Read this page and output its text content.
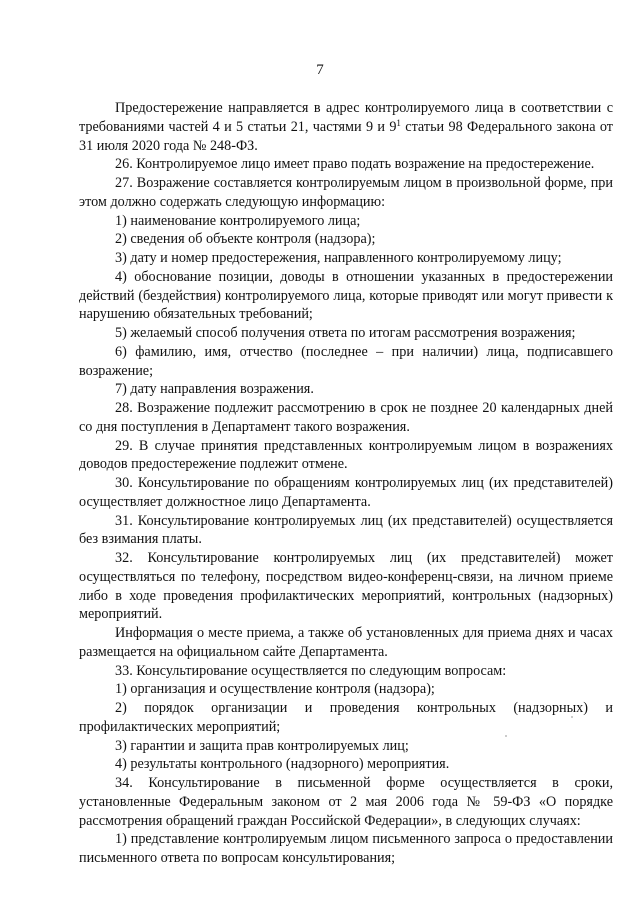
7

Предостережение направляется в адрес контролируемого лица в соответствии с требованиями частей 4 и 5 статьи 21, частями 9 и $9^1$ статьи 98 Федерального закона от 31 июля 2020 года № 248-ФЗ.

26. Контролируемое лицо имеет право подать возражение на предостережение.

27. Возражение составляется контролируемым лицом в произвольной форме, при этом должно содержать следующую информацию:

1) наименование контролируемого лица;

2) сведения об объекте контроля (надзора);

3) дату и номер предостережения, направленного контролируемому лицу;

4) обоснование позиции, доводы в отношении указанных в предостережении действий (бездействия) контролируемого лица, которые приводят или могут привести к нарушению обязательных требований;

5) желаемый способ получения ответа по итогам рассмотрения возражения;

6) фамилию, имя, отчество (последнее – при наличии) лица, подписавшего возражение;

7) дату направления возражения.

28. Возражение подлежит рассмотрению в срок не позднее 20 календарных дней со дня поступления в Департамент такого возражения.

29. В случае принятия представленных контролируемым лицом в возражениях доводов предостережение подлежит отмене.

30. Консультирование по обращениям контролируемых лиц (их представителей) осуществляет должностное лицо Департамента.

31. Консультирование контролируемых лиц (их представителей) осуществляется без взимания платы.

32. Консультирование контролируемых лиц (их представителей) может осуществляться по телефону, посредством видео-конференц-связи, на личном приеме либо в ходе проведения профилактических мероприятий, контрольных (надзорных) мероприятий.

Информация о месте приема, а также об установленных для приема днях и часах размещается на официальном сайте Департамента.

33. Консультирование осуществляется по следующим вопросам:

1) организация и осуществление контроля (надзора);

2) порядок организации и проведения контрольных (надзорных) и профилактических мероприятий;

3) гарантии и защита прав контролируемых лиц;

4) результаты контрольного (надзорного) мероприятия.

34. Консультирование в письменной форме осуществляется в сроки, установленные Федеральным законом от 2 мая 2006 года № 59-ФЗ «О порядке рассмотрения обращений граждан Российской Федерации», в следующих случаях:

1) представление контролируемым лицом письменного запроса о предоставлении письменного ответа по вопросам консультирования;
